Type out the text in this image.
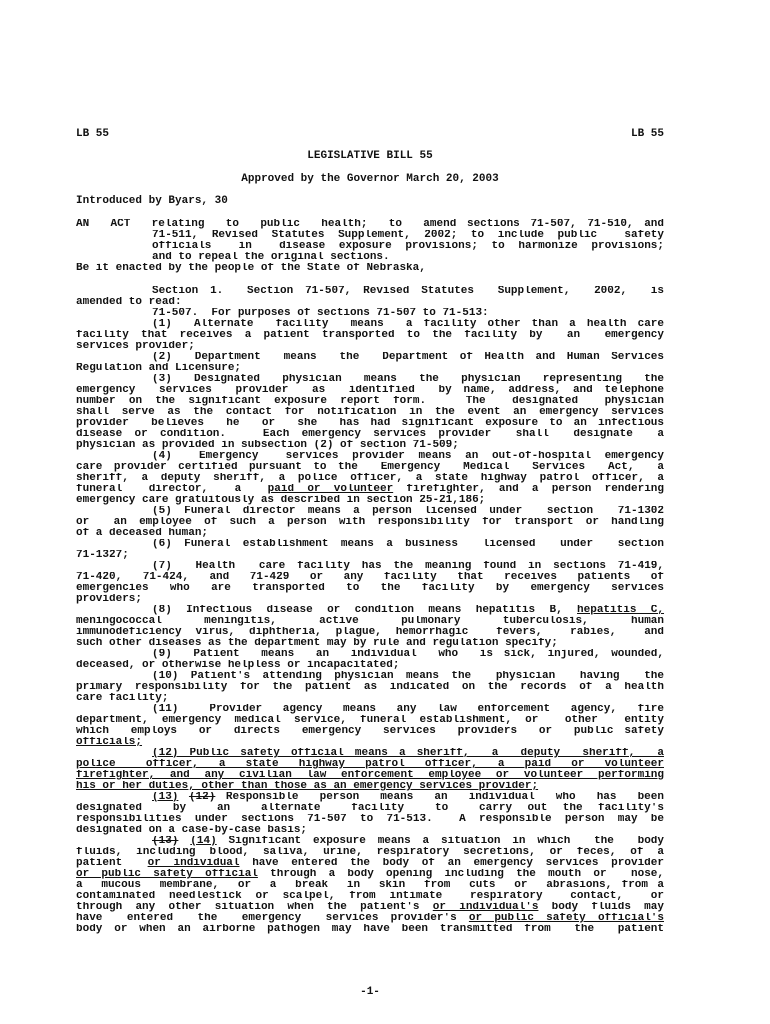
LB 55	LB 55
LEGISLATIVE BILL 55
Approved by the Governor March 20, 2003
Introduced by Byars, 30
AN  ACT  relating  to  public  health;  to  amend sections 71-507, 71-510, and
71-511, Revised Statutes Supplement, 2002; to include public  safety
officials  in  disease exposure provisions; to harmonize provisions;
and to repeal the original sections.
Be it enacted by the people of the State of Nebraska,
Section 1.  Section 71-507, Revised Statutes  Supplement,  2002,  is
amended to read:
71-507.  For purposes of sections 71-507 to 71-513:
(1)  Alternate  facility  means  a facility other than a health care
facility that receives a patient transported to the facility by  an  emergency
services provider;
(2)  Department  means  the  Department of Health and Human Services
Regulation and Licensure;
(3)  Designated  physician  means  the  physician  representing  the
emergency  services  provider  as  identified  by name, address, and telephone
number on the significant exposure report form.   The  designated  physician
shall serve as the contact for notification in the event an emergency services
provider  believes  he  or  she  has had significant exposure to an infectious
disease or condition.   Each emergency services provider  shall  designate  a
physician as provided in subsection (2) of section 71-509;
(4)  Emergency  services provider means an out-of-hospital emergency
care provider certified pursuant to the  Emergency  Medical  Services  Act,  a
sheriff, a deputy sheriff, a police officer, a state highway patrol officer, a
funeral  director,  a  paid or volunteer firefighter, and a person rendering
emergency care gratuitously as described in section 25-21,186;
(5) Funeral director means a person licensed under  section  71-1302
or  an employee of such a person with responsibility for transport or handling
of a deceased human;
(6) Funeral establishment means a business  licensed  under  section
71-1327;
(7)  Health  care facility has the meaning found in sections 71-419,
71-420,  71-424,  and  71-429  or  any  facility  that  receives  patients  of
emergencies  who  are  transported  to  the  facility  by  emergency  services
providers;
(8) Infectious disease or condition means hepatitis B, hepatitis C,
meningococcal      meningitis,      active      pulmonary      tuberculosis,      human
immunodeficiency virus, diphtheria, plague, hemorrhagic  fevers,  rabies,  and
such other diseases as the department may by rule and regulation specify;
(9)  Patient  means  an  individual  who  is sick, injured, wounded,
deceased, or otherwise helpless or incapacitated;
(10) Patient's attending physician means the  physician  having  the
primary responsibility for the patient as indicated on the records of a health
care facility;
(11)   Provider  agency  means  any  law  enforcement  agency,  fire
department, emergency medical service, funeral establishment, or  other  entity
which  employs  or  directs  emergency  services  providers  or  public safety
officials;
(12) Public safety official means a sheriff,  a  deputy  sheriff,  a
police   officer,  a  state  highway  patrol  officer,  a  paid  or  volunteer
firefighter, and any civilian law enforcement employee or volunteer performing
his or her duties, other than those as an emergency services provider;
(13) (12) Responsible  person  means  an  individual  who  has  been
designated    by    an    alternate    facility    to    carry  out  the  facility's
responsibilities under sections 71-507 to 71-513.  A responsible person may be
designated on a case-by-case basis;
(13) (14) Significant exposure means a situation in which  the  body
fluids, including blood, saliva, urine, respiratory secretions, or feces, of a
patient  or individual have entered the body of an emergency services provider
or public safety official through a body opening including the mouth or  nose,
a  mucous  membrane,  or  a  break  in  skin  from  cuts  or  abrasions, from a
contaminated needlestick or scalpel, from intimate  respiratory  contact,  or
through any other situation when the patient's or individual's body fluids may
have  entered  the  emergency  services provider's or public safety official's
body or when an airborne pathogen may have been transmitted from  the  patient
-1-
